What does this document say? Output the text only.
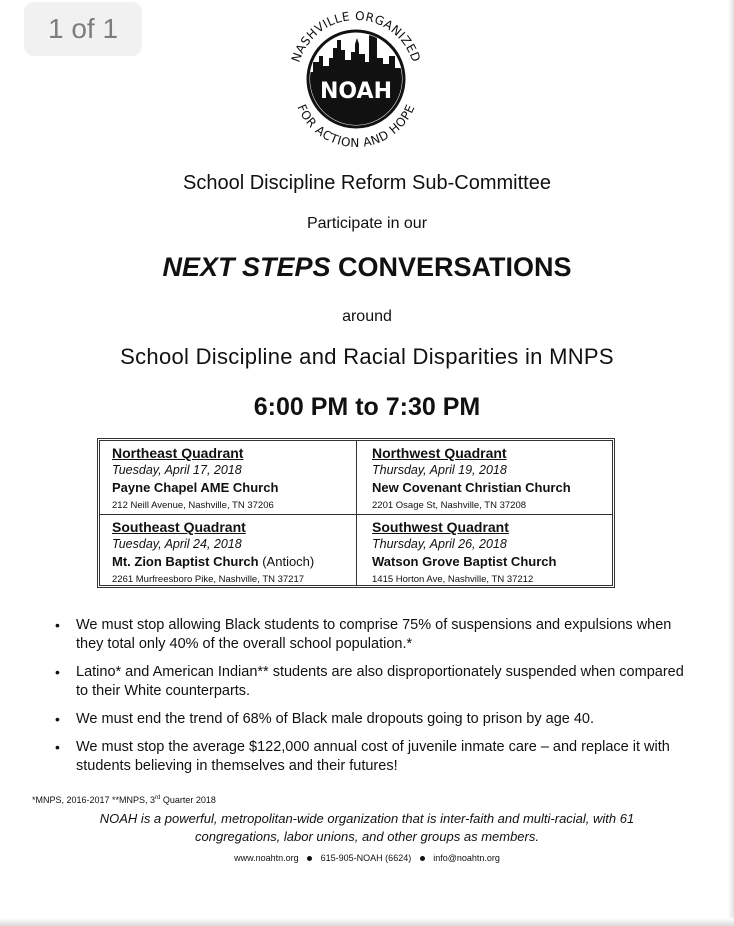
1 of 1
NOAH
NASHVILLE ORGANIZED
FOR ACTION AND HOPE
School Discipline Reform Sub-Committee
Participate in our
NEXT STEPS CONVERSATIONS
around
School Discipline and Racial Disparities in MNPS
6:00 PM to 7:30 PM
Northeast Quadrant
Tuesday, April 17, 2018
Payne Chapel AME Church
212 Neill Avenue, Nashville, TN 37206
Northwest Quadrant
Thursday, April 19, 2018
New Covenant Christian Church
2201 Osage St, Nashville, TN 37208
Southeast Quadrant
Tuesday, April 24, 2018
Mt. Zion Baptist Church (Antioch)
2261 Murfreesboro Pike, Nashville, TN 37217
Southwest Quadrant
Thursday, April 26, 2018
Watson Grove Baptist Church
1415 Horton Ave, Nashville, TN 37212
• We must stop allowing Black students to comprise 75% of suspensions and expulsions when they total only 40% of the overall school population.*
• Latino* and American Indian** students are also disproportionately suspended when compared to their White counterparts.
• We must end the trend of 68% of Black male dropouts going to prison by age 40.
• We must stop the average $122,000 annual cost of juvenile inmate care – and replace it with students believing in themselves and their futures!
*MNPS, 2016-2017 **MNPS, 3rd Quarter 2018
NOAH is a powerful, metropolitan-wide organization that is inter-faith and multi-racial, with 61
congregations, labor unions, and other groups as members.
www.noahtn.org 615-905-NOAH (6624) info@noahtn.org
